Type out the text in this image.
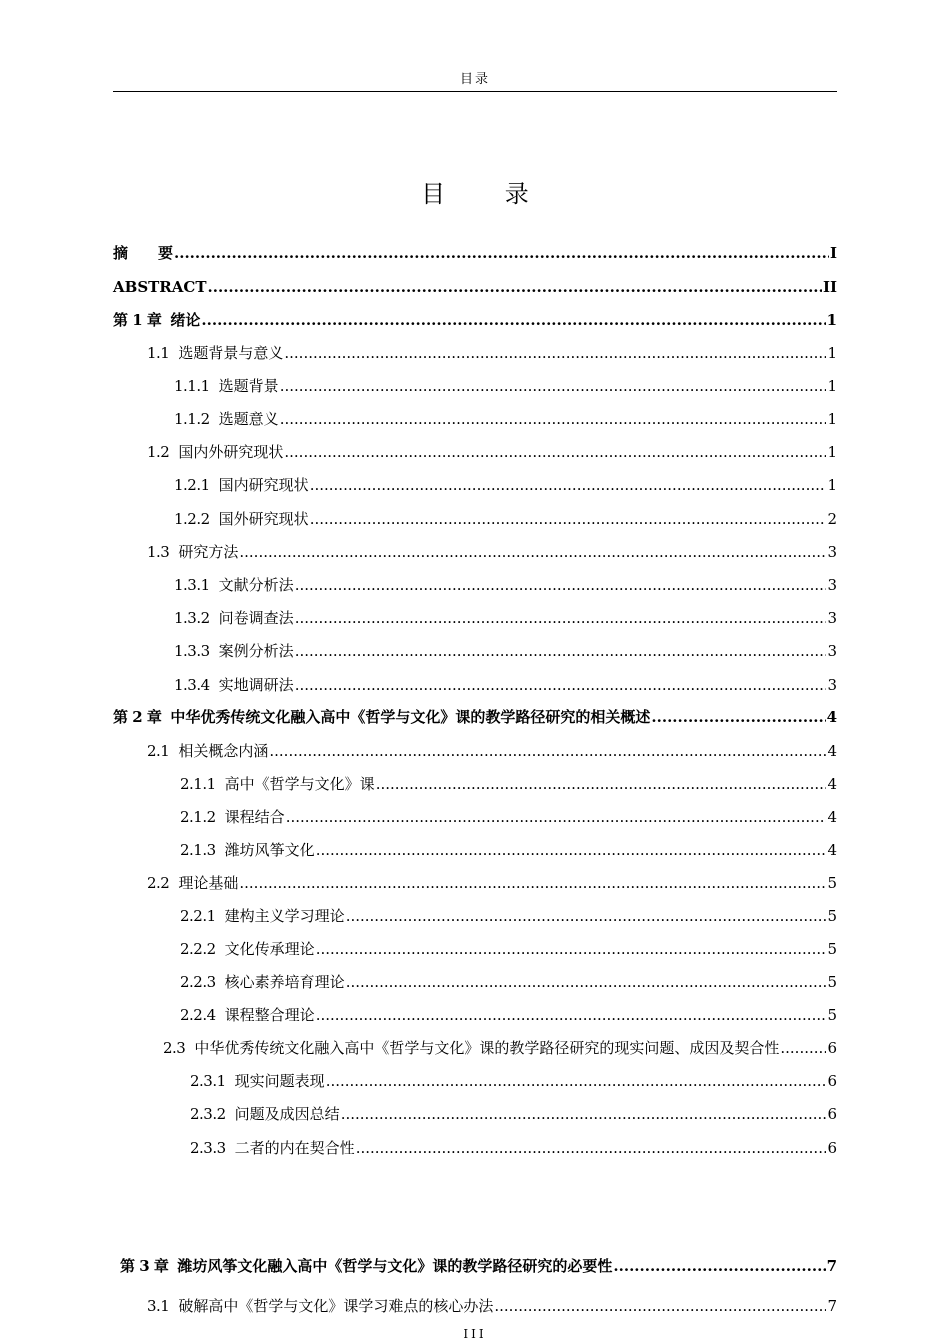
目录
目 录
摘　　要 .....	I
ABSTRACT .....	II
第 1 章 绪论 .....	1
1.1 选题背景与意义 .....	1
1.1.1 选题背景 .....	1
1.1.2 选题意义 .....	1
1.2 国内外研究现状 .....	1
1.2.1 国内研究现状 .....	1
1.2.2 国外研究现状 .....	2
1.3 研究方法 .....	3
1.3.1 文献分析法 .....	3
1.3.2 问卷调查法 .....	3
1.3.3 案例分析法 .....	3
1.3.4 实地调研法 .....	3
第 2 章 中华优秀传统文化融入高中《哲学与文化》课的教学路径研究的相关概述 .....	4
2.1 相关概念内涵 .....	4
2.1.1 高中《哲学与文化》课 .....	4
2.1.2 课程结合 .....	4
2.1.3 潍坊风筝文化 .....	4
2.2 理论基础 .....	5
2.2.1 建构主义学习理论 .....	5
2.2.2 文化传承理论 .....	5
2.2.3 核心素养培育理论 .....	5
2.2.4 课程整合理论 .....	5
2.3 中华优秀传统文化融入高中《哲学与文化》课的教学路径研究的现实问题、成因及契合性 .....	6
2.3.1 现实问题表现 .....	6
2.3.2 问题及成因总结 .....	6
2.3.3 二者的内在契合性 .....	6
第 3 章 潍坊风筝文化融入高中《哲学与文化》课的教学路径研究的必要性 .....	7
3.1 破解高中《哲学与文化》课学习难点的核心办法 .....	7
III
